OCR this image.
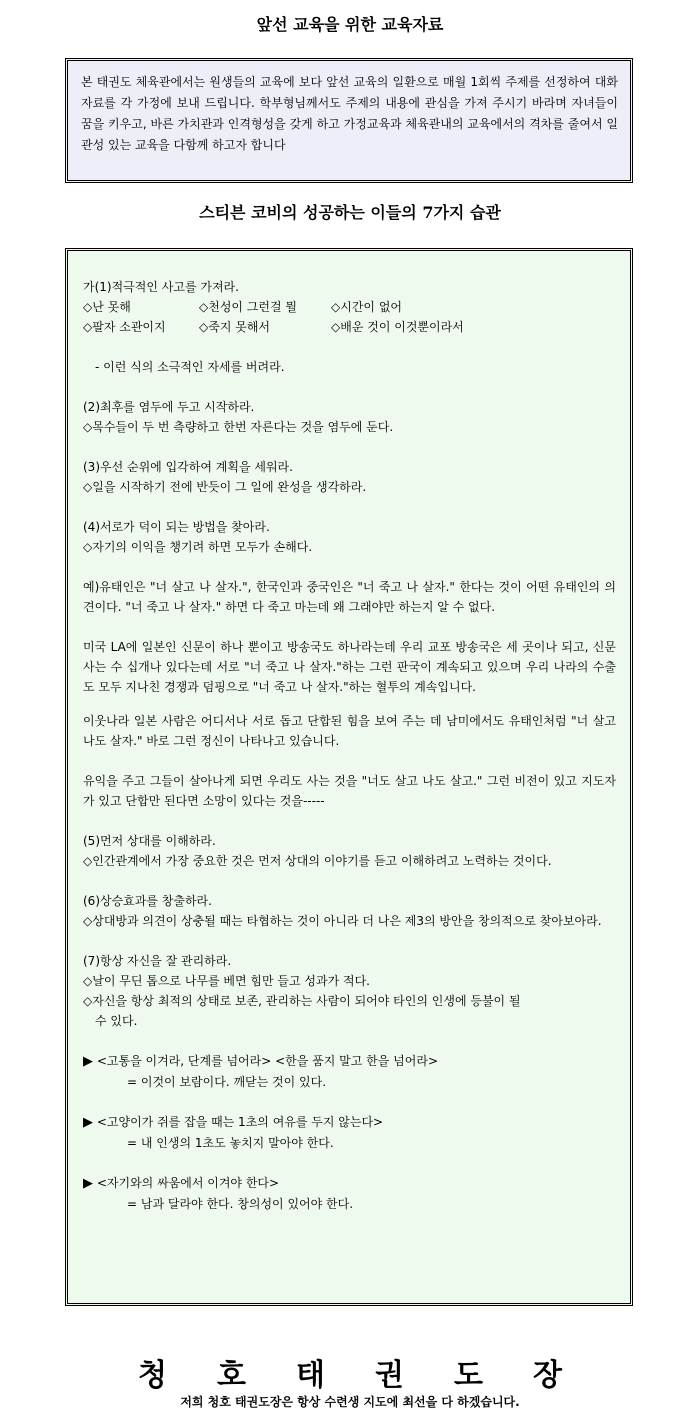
앞선 교육을 위한 교육자료

본 태권도 체육관에서는 원생들의 교육에 보다 앞선 교육의 일환으로 매월 1회씩 주제를 선정하여 대화자료를 각 가정에 보내 드립니다. 학부형님께서도 주제의 내용에 관심을 가져 주시기 바라며 자녀들이 꿈을 키우고, 바른 가치관과 인격형성을 갖게 하고 가정교육과 체육관내의 교육에서의 격차를 줄여서 일관성 있는 교육을 다함께 하고자 합니다

스티븐 코비의 성공하는 이들의 7가지 습관
가(1)적극적인 사고를 가져라.
◇난 못해	◇천성이 그런걸 뭘	◇시간이 없어
◇팔자 소관이지	◇죽지 못해서	◇배운 것이 이것뿐이라서
- 이런 식의 소극적인 자세를 버려라.
(2)최후를 염두에 두고 시작하라.
◇목수들이 두 번 측량하고 한번 자른다는 것을 염두에 둔다.
(3)우선 순위에 입각하여 계획을 세워라.
◇일을 시작하기 전에 반듯이 그 일에 완성을 생각하라.
(4)서로가 덕이 되는 방법을 찾아라.
◇자기의 이익을 챙기려 하면 모두가 손해다.

예)유태인은 "너 살고 나 살자.", 한국인과 중국인은 "너 죽고 나 살자." 한다는 것이 어떤 유태인의 의견이다. "너 죽고 나 살자." 하면 다 죽고 마는데 왜 그래야만 하는지 알 수 없다.

미국 LA에 일본인 신문이 하나 뿐이고 방송국도 하나라는데 우리 교포 방송국은 세 곳이나 되고, 신문사는 수 십개나 있다는데 서로 "너 죽고 나 살자."하는 그런 판국이 계속되고 있으며 우리 나라의 수출도 모두 지나친 경쟁과 덤핑으로 "너 죽고 나 살자."하는 혈투의 계속입니다.

이웃나라 일본 사람은 어디서나 서로 돕고 단합된 힘을 보여 주는 데 남미에서도 유태인처럼 "너 살고 나도 살자." 바로 그런 정신이 나타나고 있습니다.

유익을 주고 그들이 살아나게 되면 우리도 사는 것을 "너도 살고 나도 살고." 그런 비전이 있고 지도자가 있고 단합만 된다면 소망이 있다는 것을-----

(5)먼저 상대를 이해하라.

◇인간관계에서 가장 중요한 것은 먼저 상대의 이야기를 듣고 이해하려고 노력하는 것이다.

(6)상승효과를 창출하라.

◇상대방과 의견이 상충될 때는 타협하는 것이 아니라 더 나은 제3의 방안을 창의적으로 찾아보아라.

(7)항상 자신을 잘 관리하라.
◇날이 무딘 톱으로 나무를 베면 힘만 들고 성과가 적다.
◇자신을 항상 최적의 상태로 보존, 관리하는 사람이 되어야 타인의 인생에 등불이 될
수 있다.
▶ <고통을 이겨라, 단계를 넘어라> <한을 품지 말고 한을 넘어라>
= 이것이 보람이다. 깨닫는 것이 있다.
▶ <고양이가 쥐를 잡을 때는 1초의 여유를 두지 않는다>
= 내 인생의 1초도 놓치지 말아야 한다.
▶ <자기와의 싸움에서 이겨야 한다>
= 남과 달라야 한다. 창의성이 있어야 한다.
청 호 태 권 도 장
저희 청호 태권도장은 항상 수련생 지도에 최선을 다 하겠습니다.
